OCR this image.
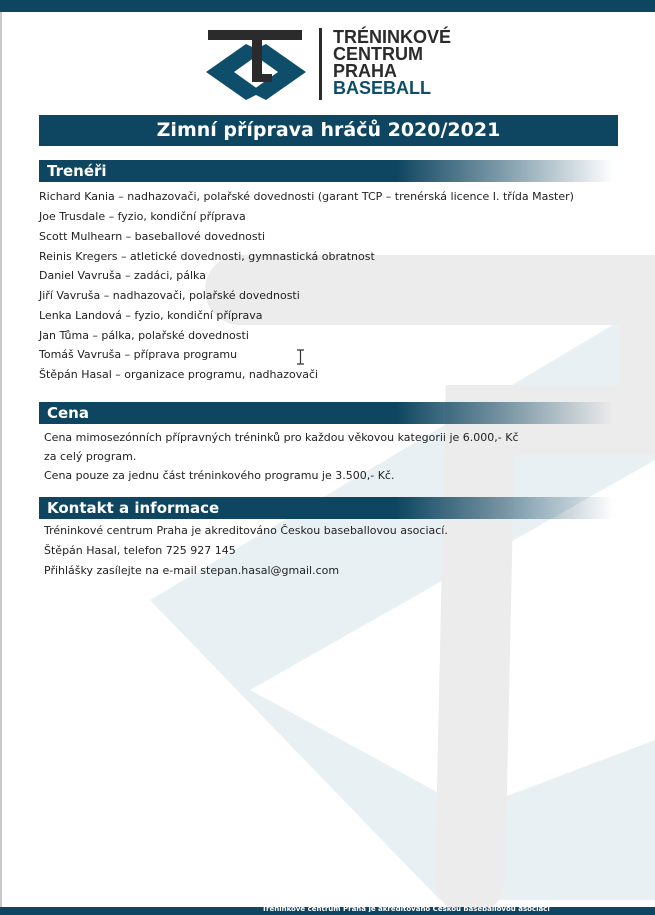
TRÉNINKOVÉ
CENTRUM
PRAHA
BASEBALL
Zimní příprava hráčů 2020/2021
Trenéři
Richard Kania – nadhazovači, polařské dovednosti (garant TCP – trenérská licence I. třída Master)
Joe Trusdale – fyzio, kondiční příprava
Scott Mulhearn – baseballové dovednosti
Reinis Kregers – atletické dovednosti, gymnastická obratnost
Daniel Vavruša – zadáci, pálka
Jiří Vavruša – nadhazovači, polařské dovednosti
Lenka Landová – fyzio, kondiční příprava
Jan Tůma – pálka, polařské dovednosti
Tomáš Vavruša – příprava programu
Štěpán Hasal – organizace programu, nadhazovači
Cena
Cena mimosezónních přípravných tréninků pro každou věkovou kategorii je 6.000,- Kč
za celý program.
Cena pouze za jednu část tréninkového programu je 3.500,- Kč.
Kontakt a informace
Tréninkové centrum Praha je akreditováno Českou baseballovou asociací.
Štěpán Hasal, telefon 725 927 145
Přihlášky zasílejte na e-mail stepan.hasal@gmail.com
Tréninkové centrum Praha je akreditováno Českou baseballovou asociací
